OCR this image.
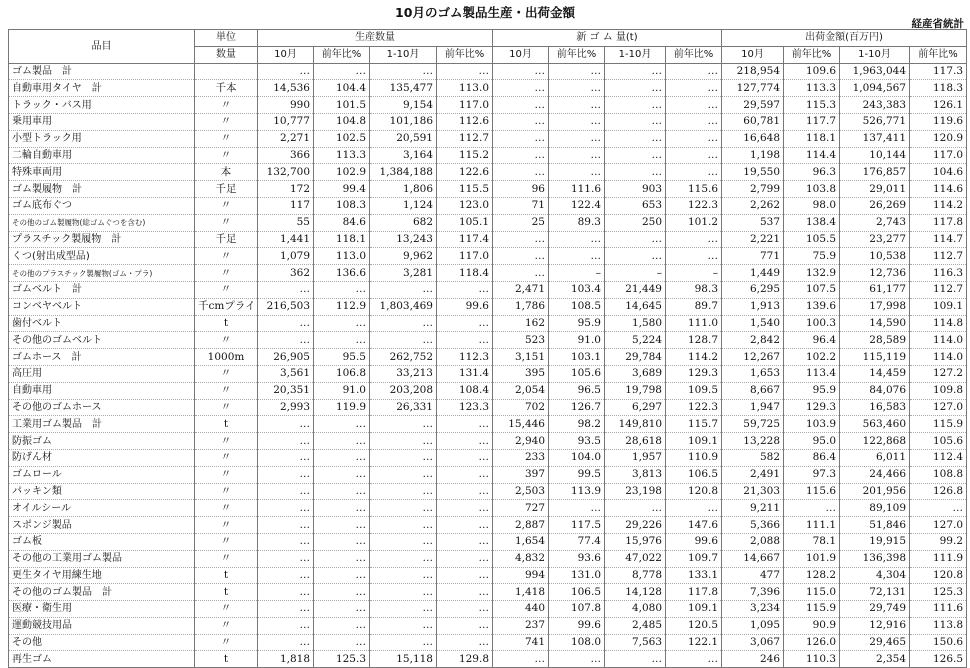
10月のゴム製品生産・出荷金額
経産省統計
品目	単位	生産数量				新 ゴ ム 量(t)				出荷金額(百万円)			
	数量	10月	前年比%	1-10月	前年比%	10月	前年比%	1-10月	前年比%	10月	前年比%	1-10月	前年比%
ゴム製品　計		…	…	…	…	…	…	…	…	218,954	109.6	1,963,044	117.3
自動車用タイヤ　計	千本	14,536	104.4	135,477	113.0	…	…	…	…	127,774	113.3	1,094,567	118.3
トラック・バス用	〃	990	101.5	9,154	117.0	…	…	…	…	29,597	115.3	243,383	126.1
乗用車用	〃	10,777	104.8	101,186	112.6	…	…	…	…	60,781	117.7	526,771	119.6
小型トラック用	〃	2,271	102.5	20,591	112.7	…	…	…	…	16,648	118.1	137,411	120.9
二輪自動車用	〃	366	113.3	3,164	115.2	…	…	…	…	1,198	114.4	10,144	117.0
特殊車両用	本	132,700	102.9	1,384,188	122.6	…	…	…	…	19,550	96.3	176,857	104.6
ゴム製履物　計	千足	172	99.4	1,806	115.5	96	111.6	903	115.6	2,799	103.8	29,011	114.6
ゴム底布ぐつ	〃	117	108.3	1,124	123.0	71	122.4	653	122.3	2,262	98.0	26,269	114.2
その他のゴム製履物(総ゴムぐつを含む)	〃	55	84.6	682	105.1	25	89.3	250	101.2	537	138.4	2,743	117.8
プラスチック製履物　計	千足	1,441	118.1	13,243	117.4	…	…	…	…	2,221	105.5	23,277	114.7
くつ(射出成型品)	〃	1,079	113.0	9,962	117.0	…	…	…	…	771	75.9	10,538	112.7
その他のプラスチック製履物(ゴム・プラ)	〃	362	136.6	3,281	118.4	…	–	–	–	1,449	132.9	12,736	116.3
ゴムベルト　計	〃	…	…	…	…	2,471	103.4	21,449	98.3	6,295	107.5	61,177	112.7
コンベヤベルト	千cmプライ	216,503	112.9	1,803,469	99.6	1,786	108.5	14,645	89.7	1,913	139.6	17,998	109.1
歯付ベルト	t	…	…	…	…	162	95.9	1,580	111.0	1,540	100.3	14,590	114.8
その他のゴムベルト	〃	…	…	…	…	523	91.0	5,224	128.7	2,842	96.4	28,589	114.0
ゴムホース　計	1000m	26,905	95.5	262,752	112.3	3,151	103.1	29,784	114.2	12,267	102.2	115,119	114.0
高圧用	〃	3,561	106.8	33,213	131.4	395	105.6	3,689	129.3	1,653	113.4	14,459	127.2
自動車用	〃	20,351	91.0	203,208	108.4	2,054	96.5	19,798	109.5	8,667	95.9	84,076	109.8
その他のゴムホース	〃	2,993	119.9	26,331	123.3	702	126.7	6,297	122.3	1,947	129.3	16,583	127.0
工業用ゴム製品　計	t	…	…	…	…	15,446	98.2	149,810	115.7	59,725	103.9	563,460	115.9
防振ゴム	〃	…	…	…	…	2,940	93.5	28,618	109.1	13,228	95.0	122,868	105.6
防げん材	〃	…	…	…	…	233	104.0	1,957	110.9	582	86.4	6,011	112.4
ゴムロール	〃	…	…	…	…	397	99.5	3,813	106.5	2,491	97.3	24,466	108.8
パッキン類	〃	…	…	…	…	2,503	113.9	23,198	120.8	21,303	115.6	201,956	126.8
オイルシール	〃	…	…	…	…	727	…	…	…	9,211	…	89,109	…
スポンジ製品	〃	…	…	…	…	2,887	117.5	29,226	147.6	5,366	111.1	51,846	127.0
ゴム板	〃	…	…	…	…	1,654	77.4	15,976	99.6	2,088	78.1	19,915	99.2
その他の工業用ゴム製品	〃	…	…	…	…	4,832	93.6	47,022	109.7	14,667	101.9	136,398	111.9
更生タイヤ用練生地	t	…	…	…	…	994	131.0	8,778	133.1	477	128.2	4,304	120.8
その他のゴム製品　計	t	…	…	…	…	1,418	106.5	14,128	117.8	7,396	115.0	72,131	125.3
医療・衛生用	〃	…	…	…	…	440	107.8	4,080	109.1	3,234	115.9	29,749	111.6
運動競技用品	〃	…	…	…	…	237	99.6	2,485	120.5	1,095	90.9	12,916	113.8
その他	〃	…	…	…	…	741	108.0	7,563	122.1	3,067	126.0	29,465	150.6
再生ゴム	t	1,818	125.3	15,118	129.8	…	…	…	…	246	110.3	2,354	126.5
